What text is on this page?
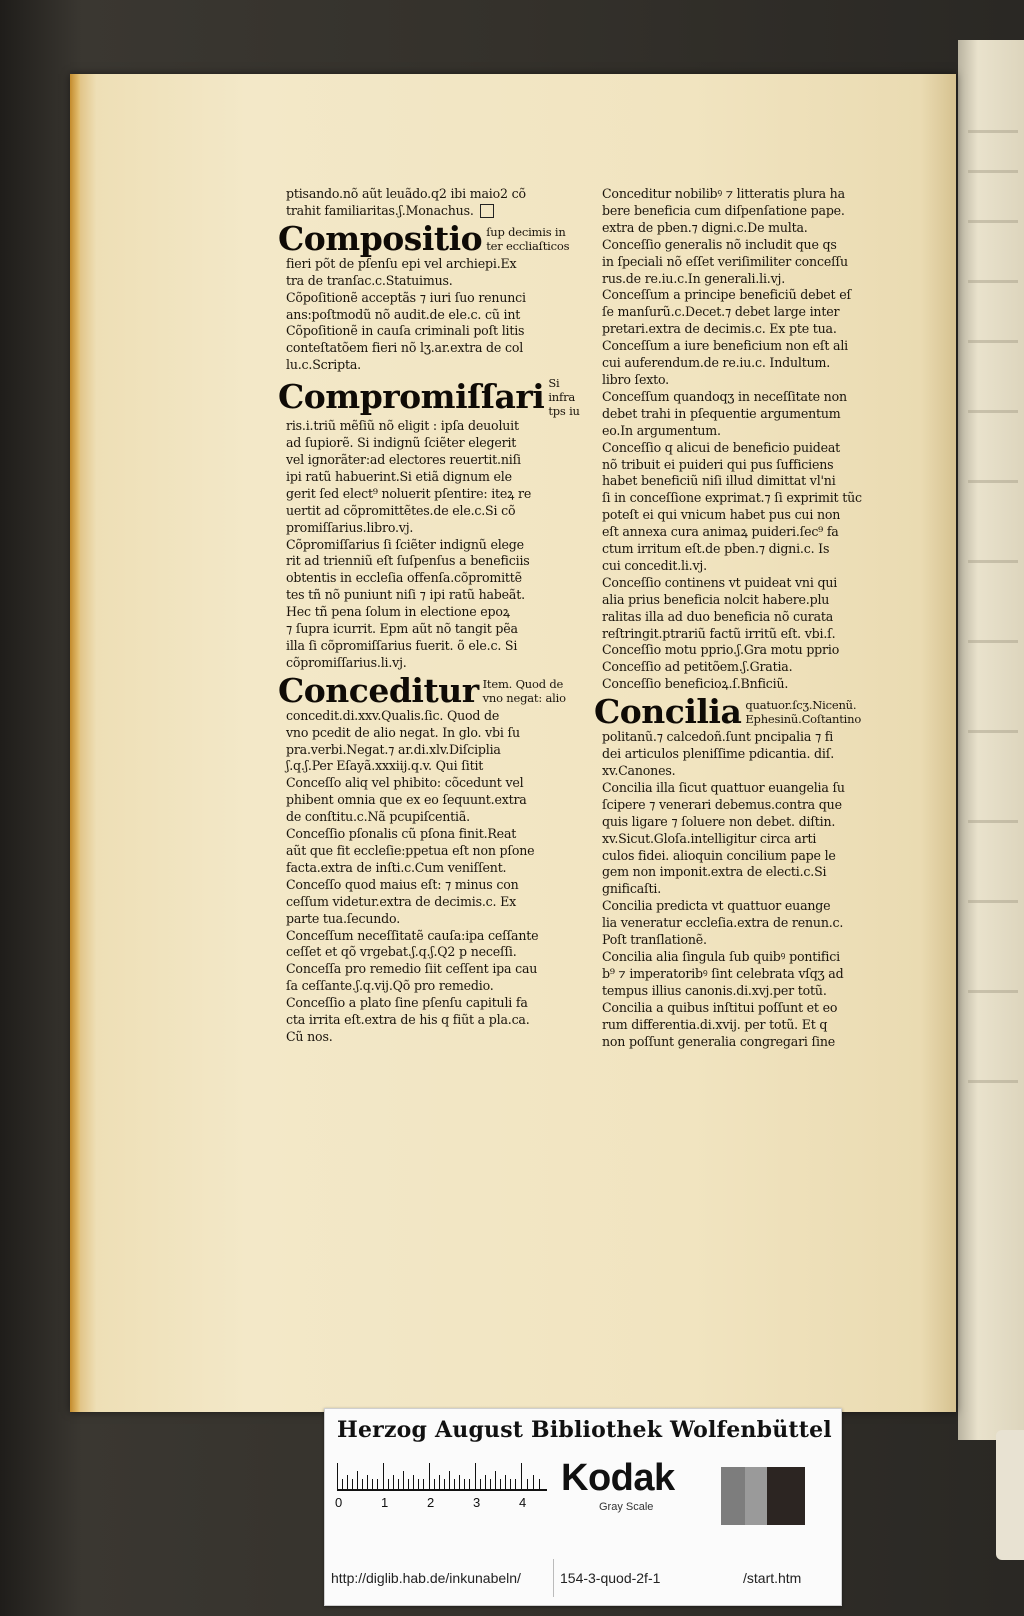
ptisando.nõ aũt leuãdo.q2 ibi maio2 cõ

trahit familiaritas.ʃ.Monachus.

Compositio ſup decimis in
ter eccliaſticos

fieri põt de pſenſu epi vel archiepi.Ex

tra de tranſac.c.Statuimus.

Cõpoſitionẽ acceptãs ⁊ iuri ſuo renunci

ans:poſtmodũ nõ audit.de ele.c. cũ int

Cõpoſitionẽ in cauſa criminali poſt litis

conteſtatõem fieri nõ lʒ.ar.extra de col

lu.c.Scripta.

Compromiſſari Si infra
tps iu

ris.i.triũ mẽſiũ nõ eligit : ipſa deuoluit

ad ſupiorẽ. Si indignũ ſciẽter elegerit

vel ignorãter:ad electores reuertit.niſi

ipi ratũ habuerint.Si etiã dignum ele

gerit ſed elect⁹ noluerit pſentire: iteꝝ re

uertit ad cõpromittẽtes.de ele.c.Si cõ

promiſſarius.libro.vj.

Cõpromiſſarius ſi ſciẽter indignũ elege

rit ad trienniũ eſt ſuſpenſus a beneficiis

obtentis in eccleſia offenſa.cõpromittẽ

tes tñ nõ puniunt niſi ⁊ ipi ratũ habeãt.

Hec tñ pena ſolum in electione epoꝝ

⁊ ſupra icurrit. Epm aũt nõ tangit pẽa

illa ſi cõpromiſſarius fuerit. õ ele.c. Si

cõpromiſſarius.li.vj.

Conceditur Item. Quod de
vno negat: alio

concedit.di.xxv.Qualis.ſic. Quod de

vno pcedit de alio negat. In glo. vbi ſu

pra.verbi.Negat.⁊ ar.di.xlv.Diſciplia

ʃ.q.ʃ.Per Eſayã.xxxiij.q.v. Qui ſitit

Conceſſo aliq vel phibito: cõcedunt vel

phibent omnia que ex eo ſequunt.extra

de conſtitu.c.Nã pcupiſcentiã.

Conceſſio pſonalis cũ pſona finit.Reat

aũt que fit eccleſie:ppetua eſt non pſone

facta.extra de inſti.c.Cum veniſſent.

Conceſſo quod maius eſt: ⁊ minus con

ceſſum videtur.extra de decimis.c. Ex

parte tua.ſecundo.

Conceſſum neceſſitatẽ cauſa:ipa ceſſante

ceſſet et qõ vrgebat.ʃ.q.ʃ.Q2 p neceſſi.

Conceſſa pro remedio ſiit ceſſent ipa cau

ſa ceſſante.ʃ.q.vij.Qõ pro remedio.

Conceſſio a plato ſine pſenſu capituli fa

cta irrita eſt.extra de his q fiũt a pla.ca.

Cũ nos.

Conceditur nobilibꝰ ⁊ litteratis plura ha

bere beneficia cum diſpenſatione pape.

extra de pben.⁊ digni.c.De multa.

Conceſſio generalis nõ includit que qs

in ſpeciali nõ eſſet veriſimiliter conceſſu

rus.de re.iu.c.In generali.li.vj.

Conceſſum a principe beneficiũ debet eſ

ſe manſurũ.c.Decet.⁊ debet large inter

pretari.extra de decimis.c. Ex pte tua.

Conceſſum a iure beneficium non eſt ali

cui auferendum.de re.iu.c. Indultum.

libro ſexto.

Conceſſum quandoqʒ in neceſſitate non

debet trahi in pſequentie argumentum

eo.In argumentum.

Conceſſio q alicui de beneficio puideat

nõ tribuit ei puideri qui pus ſufficiens

habet beneficiũ niſi illud dimittat vl'ni

ſi in conceſſione exprimat.⁊ ſi exprimit tũc

poteſt ei qui vnicum habet pus cui non

eſt annexa cura animaꝝ puideri.ſec⁹ fa

ctum irritum eſt.de pben.⁊ digni.c. Is

cui concedit.li.vj.

Conceſſio continens vt puideat vni qui

alia prius beneficia nolcit habere.plu

ralitas illa ad duo beneficia nõ curata

reſtringit.ptrariũ factũ irritũ eſt. vbi.ſ.

Conceſſio motu pprio.ʃ.Gra motu pprio

Conceſſio ad petitõem.ʃ.Gratia.

Conceſſio beneficioꝝ.ſ.Bnficiũ.

Concilia quatuor.ſcʒ.Nicenũ.
Ephesinũ.Coſtantino

politanũ.⁊ calcedoñ.ſunt pncipalia ⁊ fi

dei articulos pleniſſime pdicantia. diſ.

xv.Canones.

Concilia illa ſicut quattuor euangelia ſu

ſcipere ⁊ venerari debemus.contra que

quis ligare ⁊ ſoluere non debet. diſtin.

xv.Sicut.Gloſa.intelligitur circa arti

culos fidei. alioquin concilium pape le

gem non imponit.extra de electi.c.Si

gnificaſti.

Concilia predicta vt quattuor euange

lia veneratur eccleſia.extra de renun.c.

Poſt tranſlationẽ.

Concilia alia ſingula ſub quibꝰ pontifici

b⁹ ⁊ imperatoribꝰ ſint celebrata vſqʒ ad

tempus illius canonis.di.xvj.per totũ.

Concilia a quibus inſtitui poſſunt et eo

rum differentia.di.xvij. per totũ. Et q

non poſſunt generalia congregari ſine

Herzog August Bibliothek Wolfenbüttel
0	1	2	3	4
Kodak
Gray Scale
http://diglib.hab.de/inkunabeln/	154-3-quod-2f-1	/start.htm
